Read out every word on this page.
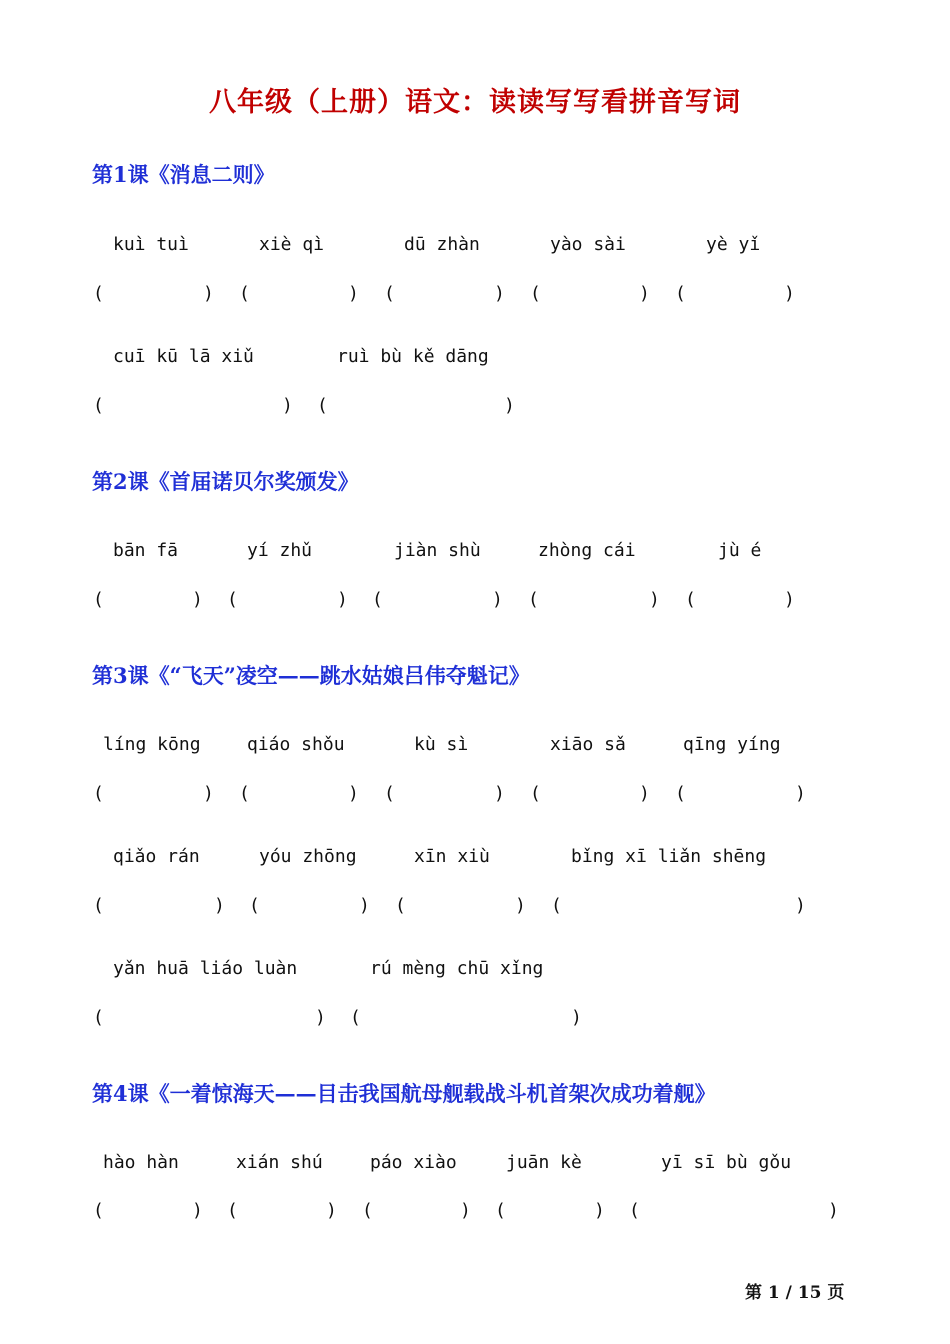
八年级（上册）语文：读读写写看拼音写词
第1课《消息二则》
kuì tuì	xiè qì	dū zhàn	yào sài	yè yǐ
(	) (	) (	) (	) (	)
cuī kū lā xiǔ	ruì bù kě dāng
(	) (	)
第2课《首届诺贝尔奖颁发》
bān fā	yí zhǔ	jiàn shù	zhòng cái	jù é
(	) (	) (	) (	) (	)
第3课《“飞天”凌空——跳水姑娘吕伟夺魁记》
líng kōng	qiáo shǒu	kù sì	xiāo sǎ	qīng yíng
(	) (	) (	) (	) (	)
qiǎo rán	yóu zhōng	xīn xiù	bǐng xī liǎn shēng
(	) (	) (	) (	)
yǎn huā liáo luàn	rú mèng chū xǐng
(	) (	)
第4课《一着惊海天——目击我国航母舰载战斗机首架次成功着舰》
hào hàn	xián shú	páo xiào	juān kè	yī sī bù gǒu
(	) (	) (	) (	) (	)
第 1 / 15 页
